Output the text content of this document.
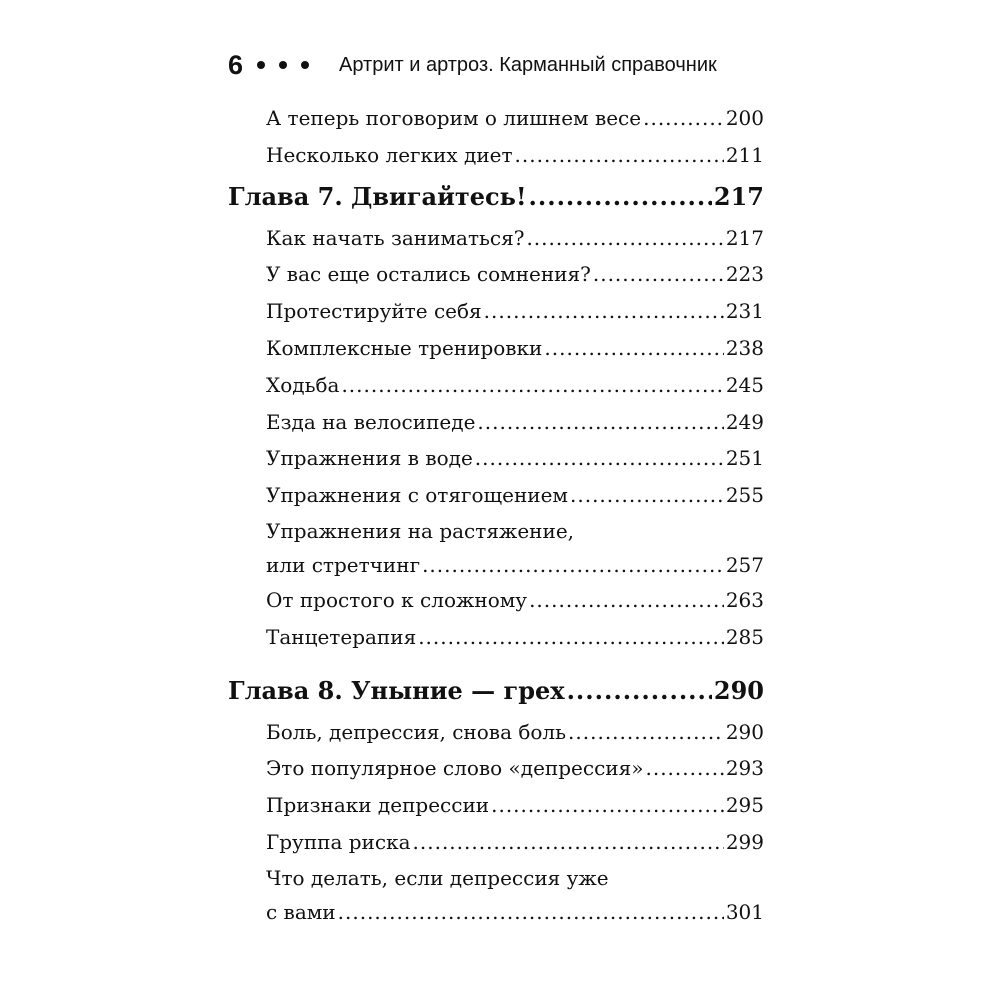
6	Артрит и артроз. Карманный справочник
А теперь поговорим о лишнем весе .....	200
Несколько легких диет .....	211
Глава 7. Двигайтесь! .....	217
Как начать заниматься? .....	217
У вас еще остались сомнения? .....	223
Протестируйте себя .....	231
Комплексные тренировки .....	238
Ходьба .....	245
Езда на велосипеде .....	249
Упражнения в воде .....	251
Упражнения с отягощением .....	255
Упражнения на растяжение,
или стретчинг .....	257
От простого к сложному .....	263
Танцетерапия .....	285
Глава 8. Уныние — грех .....	290
Боль, депрессия, снова боль .....	290
Это популярное слово «депрессия» .....	293
Признаки депрессии .....	295
Группа риска .....	299
Что делать, если депрессия уже
с вами .....	301
